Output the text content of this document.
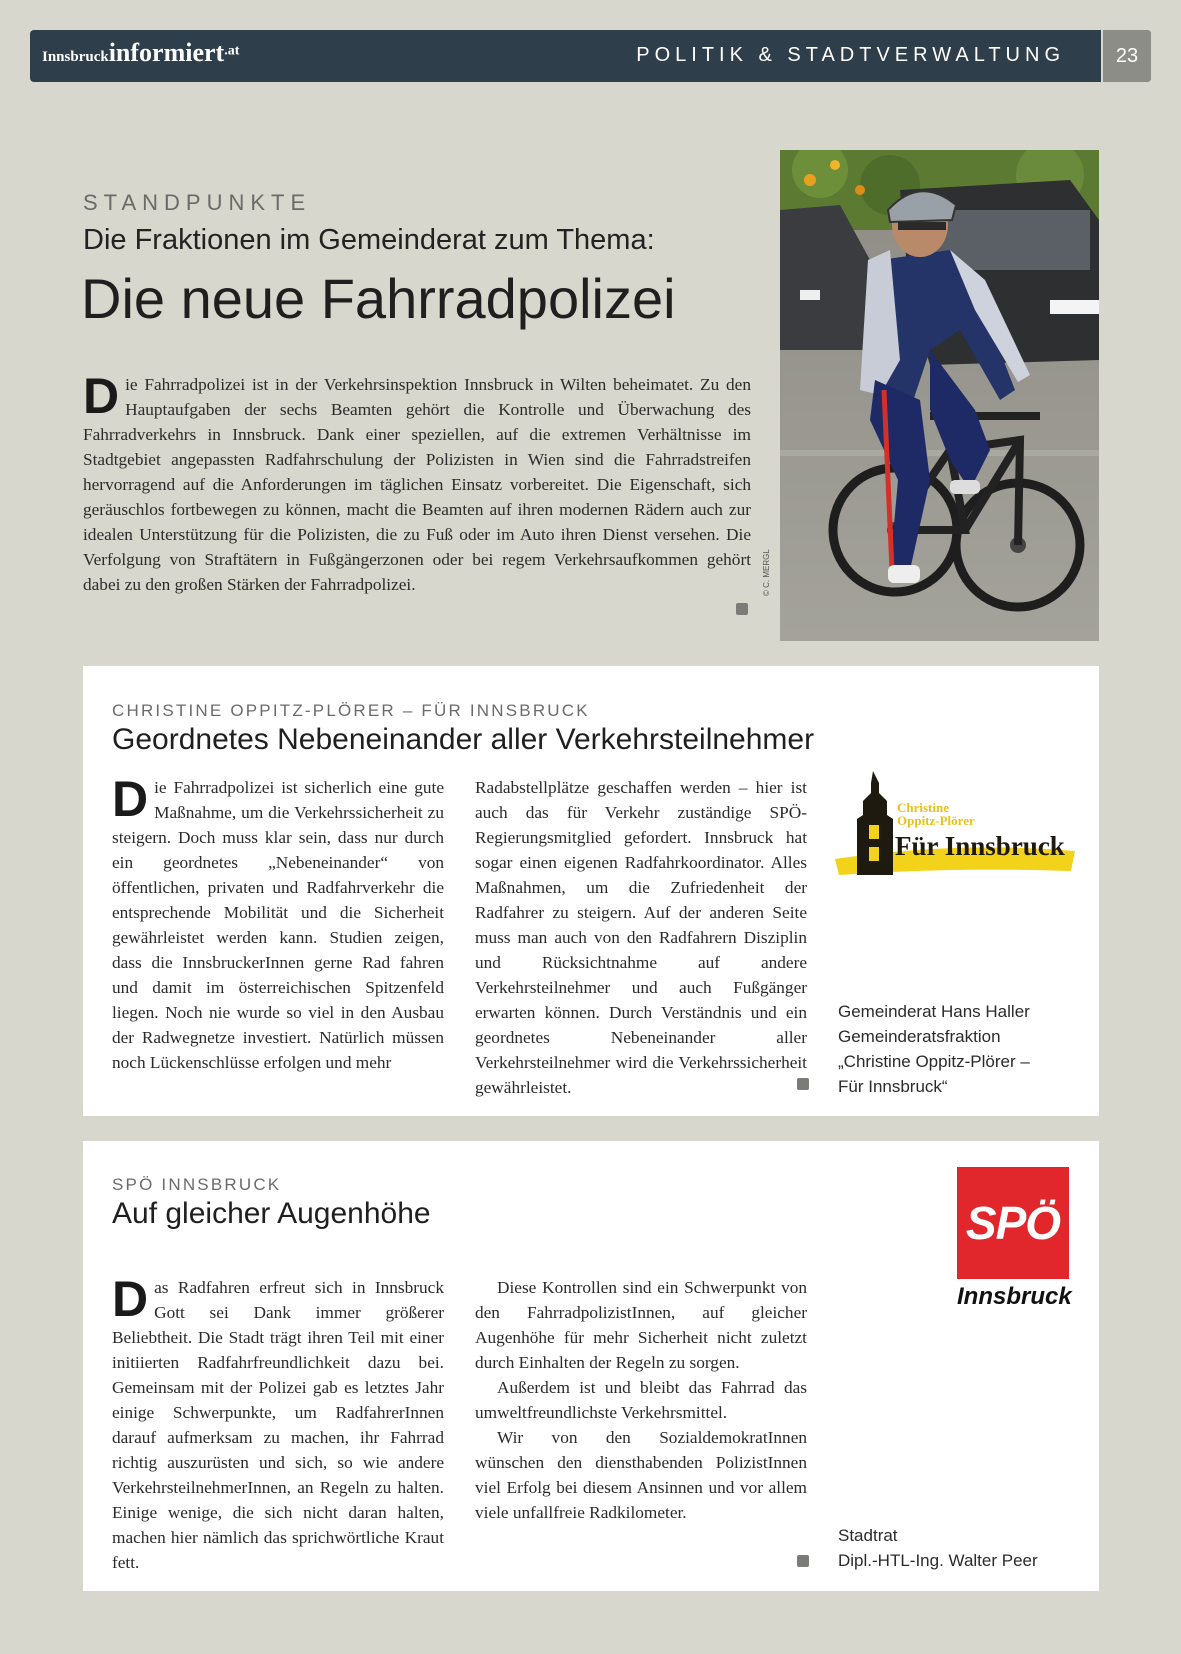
Innsbruckinformiert.at	POLITIK & STADTVERWALTUNG	23
STANDPUNKTE
Die Fraktionen im Gemeinderat zum Thema:
Die neue Fahrradpolizei
Die Fahrradpolizei ist in der Verkehrsinspektion Innsbruck in Wilten beheimatet. Zu den Hauptaufgaben der sechs Beamten gehört die Kontrolle und Überwachung des Fahrradverkehrs in Innsbruck. Dank einer speziellen, auf die extremen Verhältnisse im Stadtgebiet angepassten Radfahrschulung der Polizisten in Wien sind die Fahrradstreifen hervorragend auf die Anforderungen im täglichen Einsatz vorbereitet. Die Eigenschaft, sich geräuschlos fortbewegen zu können, macht die Beamten auf ihren modernen Rädern auch zur idealen Unterstützung für die Polizisten, die zu Fuß oder im Auto ihren Dienst versehen. Die Verfolgung von Straftätern in Fußgängerzonen oder bei regem Verkehrsaufkommen gehört dabei zu den großen Stärken der Fahrradpolizei.	© C. MERGL
CHRISTINE OPPITZ-PLÖRER – FÜR INNSBRUCK
Geordnetes Nebeneinander aller Verkehrsteilnehmer
Die Fahrradpolizei ist sicherlich eine gute Maßnahme, um die Verkehrssicherheit zu steigern. Doch muss klar sein, dass nur durch ein geordnetes „Nebeneinander“ von öffentlichen, privaten und Radfahrverkehr die entsprechende Mobilität und die Sicherheit gewährleistet werden kann. Studien zeigen, dass die InnsbruckerInnen gerne Rad fahren und damit im österreichischen Spitzenfeld liegen. Noch nie wurde so viel in den Ausbau der Radwegnetze investiert. Natürlich müssen noch Lückenschlüsse erfolgen und mehr
Radabstellplätze geschaffen werden – hier ist auch das für Verkehr zuständige SPÖ-Regierungsmitglied gefordert. Innsbruck hat sogar einen eigenen Radfahrkoordinator. Alles Maßnahmen, um die Zufriedenheit der Radfahrer zu steigern. Auf der anderen Seite muss man auch von den Radfahrern Disziplin und Rücksichtnahme auf andere Verkehrsteilnehmer und auch Fußgänger erwarten können. Durch Verständnis und ein geordnetes Nebeneinander aller Verkehrsteilnehmer wird die Verkehrssicherheit gewährleistet.
Christine
Oppitz-Plörer
Für Innsbruck
Gemeinderat Hans Haller
Gemeinderatsfraktion
„Christine Oppitz-Plörer –
Für Innsbruck“
SPÖ INNSBRUCK
Auf gleicher Augenhöhe
Das Radfahren erfreut sich in Innsbruck Gott sei Dank immer größerer Beliebtheit. Die Stadt trägt ihren Teil mit einer initiierten Radfahrfreundlichkeit dazu bei. Gemeinsam mit der Polizei gab es letztes Jahr einige Schwerpunkte, um RadfahrerInnen darauf aufmerksam zu machen, ihr Fahrrad richtig auszurüsten und sich, so wie andere VerkehrsteilnehmerInnen, an Regeln zu halten. Einige wenige, die sich nicht daran halten, machen hier nämlich das sprichwörtliche Kraut fett.

Diese Kontrollen sind ein Schwerpunkt von den FahrradpolizistInnen, auf gleicher Augenhöhe für mehr Sicherheit nicht zuletzt durch Einhalten der Regeln zu sorgen.

Außerdem ist und bleibt das Fahrrad das umweltfreundlichste Verkehrsmittel.

Wir von den SozialdemokratInnen wünschen den diensthabenden PolizistInnen viel Erfolg bei diesem Ansinnen und vor allem viele unfallfreie Radkilometer.

SPÖ
Innsbruck
Stadtrat
Dipl.-HTL-Ing. Walter Peer
